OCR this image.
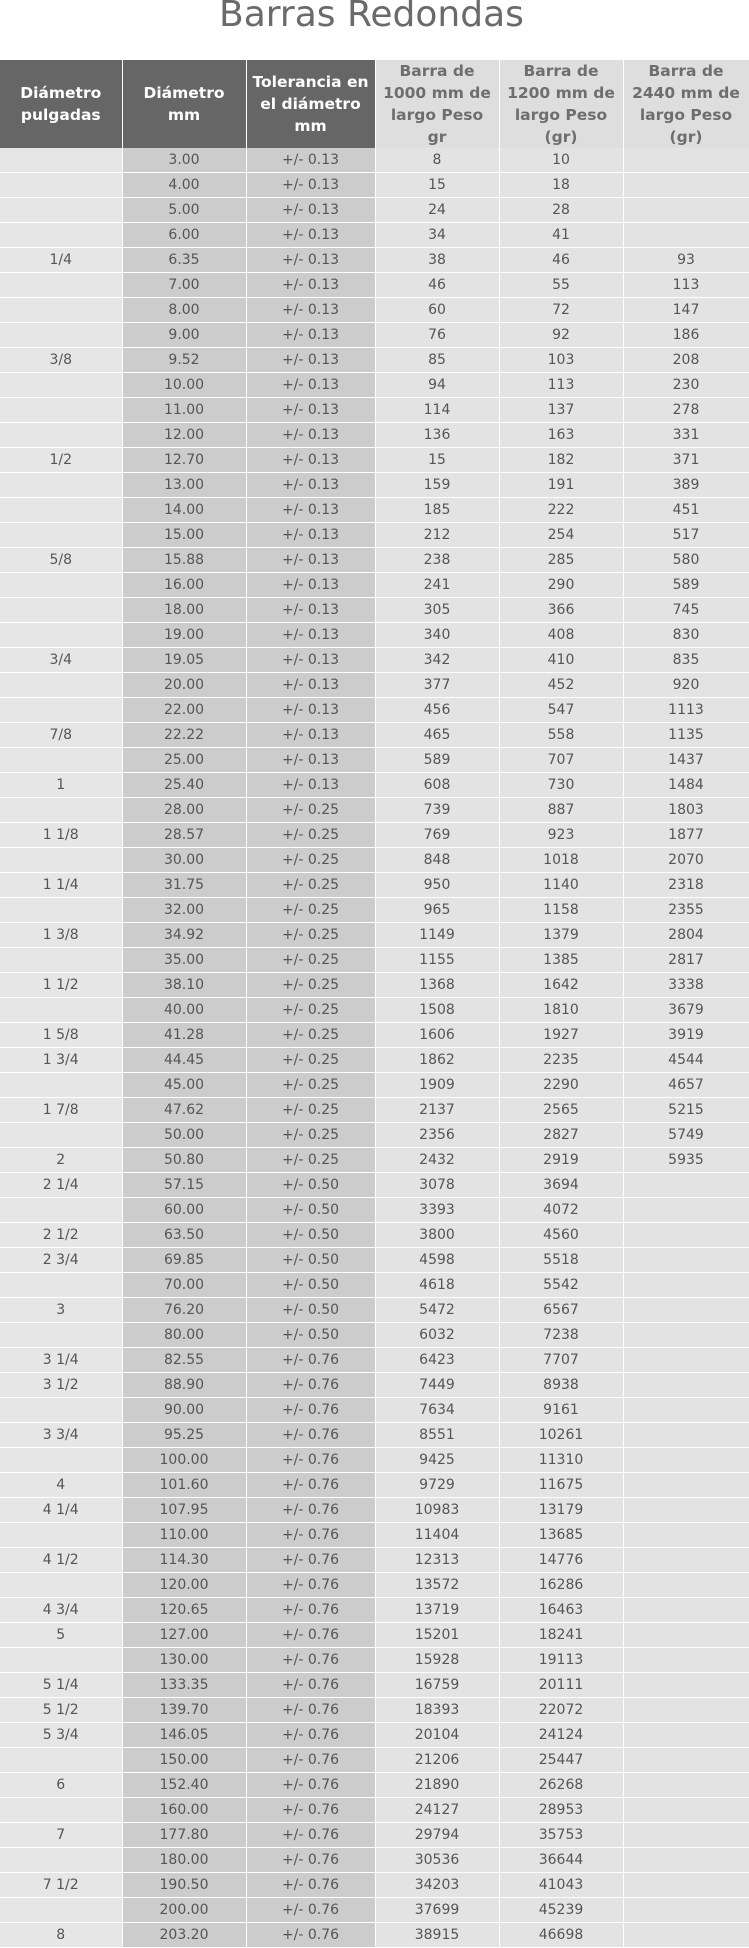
Barras Redondas
Diámetro pulgadas	Diámetro mm	Tolerancia en el diámetro mm	Barra de 1000 mm de largo Peso gr	Barra de 1200 mm de largo Peso (gr)	Barra de 2440 mm de largo Peso (gr)
	3.00	+/- 0.13	8	10	
	4.00	+/- 0.13	15	18	
	5.00	+/- 0.13	24	28	
	6.00	+/- 0.13	34	41	
1/4	6.35	+/- 0.13	38	46	93
	7.00	+/- 0.13	46	55	113
	8.00	+/- 0.13	60	72	147
	9.00	+/- 0.13	76	92	186
3/8	9.52	+/- 0.13	85	103	208
	10.00	+/- 0.13	94	113	230
	11.00	+/- 0.13	114	137	278
	12.00	+/- 0.13	136	163	331
1/2	12.70	+/- 0.13	15	182	371
	13.00	+/- 0.13	159	191	389
	14.00	+/- 0.13	185	222	451
	15.00	+/- 0.13	212	254	517
5/8	15.88	+/- 0.13	238	285	580
	16.00	+/- 0.13	241	290	589
	18.00	+/- 0.13	305	366	745
	19.00	+/- 0.13	340	408	830
3/4	19.05	+/- 0.13	342	410	835
	20.00	+/- 0.13	377	452	920
	22.00	+/- 0.13	456	547	1113
7/8	22.22	+/- 0.13	465	558	1135
	25.00	+/- 0.13	589	707	1437
1	25.40	+/- 0.13	608	730	1484
	28.00	+/- 0.25	739	887	1803
1 1/8	28.57	+/- 0.25	769	923	1877
	30.00	+/- 0.25	848	1018	2070
1 1/4	31.75	+/- 0.25	950	1140	2318
	32.00	+/- 0.25	965	1158	2355
1 3/8	34.92	+/- 0.25	1149	1379	2804
	35.00	+/- 0.25	1155	1385	2817
1 1/2	38.10	+/- 0.25	1368	1642	3338
	40.00	+/- 0.25	1508	1810	3679
1 5/8	41.28	+/- 0.25	1606	1927	3919
1 3/4	44.45	+/- 0.25	1862	2235	4544
	45.00	+/- 0.25	1909	2290	4657
1 7/8	47.62	+/- 0.25	2137	2565	5215
	50.00	+/- 0.25	2356	2827	5749
2	50.80	+/- 0.25	2432	2919	5935
2 1/4	57.15	+/- 0.50	3078	3694	
	60.00	+/- 0.50	3393	4072	
2 1/2	63.50	+/- 0.50	3800	4560	
2 3/4	69.85	+/- 0.50	4598	5518	
	70.00	+/- 0.50	4618	5542	
3	76.20	+/- 0.50	5472	6567	
	80.00	+/- 0.50	6032	7238	
3 1/4	82.55	+/- 0.76	6423	7707	
3 1/2	88.90	+/- 0.76	7449	8938	
	90.00	+/- 0.76	7634	9161	
3 3/4	95.25	+/- 0.76	8551	10261	
	100.00	+/- 0.76	9425	11310	
4	101.60	+/- 0.76	9729	11675	
4 1/4	107.95	+/- 0.76	10983	13179	
	110.00	+/- 0.76	11404	13685	
4 1/2	114.30	+/- 0.76	12313	14776	
	120.00	+/- 0.76	13572	16286	
4 3/4	120.65	+/- 0.76	13719	16463	
5	127.00	+/- 0.76	15201	18241	
	130.00	+/- 0.76	15928	19113	
5 1/4	133.35	+/- 0.76	16759	20111	
5 1/2	139.70	+/- 0.76	18393	22072	
5 3/4	146.05	+/- 0.76	20104	24124	
	150.00	+/- 0.76	21206	25447	
6	152.40	+/- 0.76	21890	26268	
	160.00	+/- 0.76	24127	28953	
7	177.80	+/- 0.76	29794	35753	
	180.00	+/- 0.76	30536	36644	
7 1/2	190.50	+/- 0.76	34203	41043	
	200.00	+/- 0.76	37699	45239	
8	203.20	+/- 0.76	38915	46698	
